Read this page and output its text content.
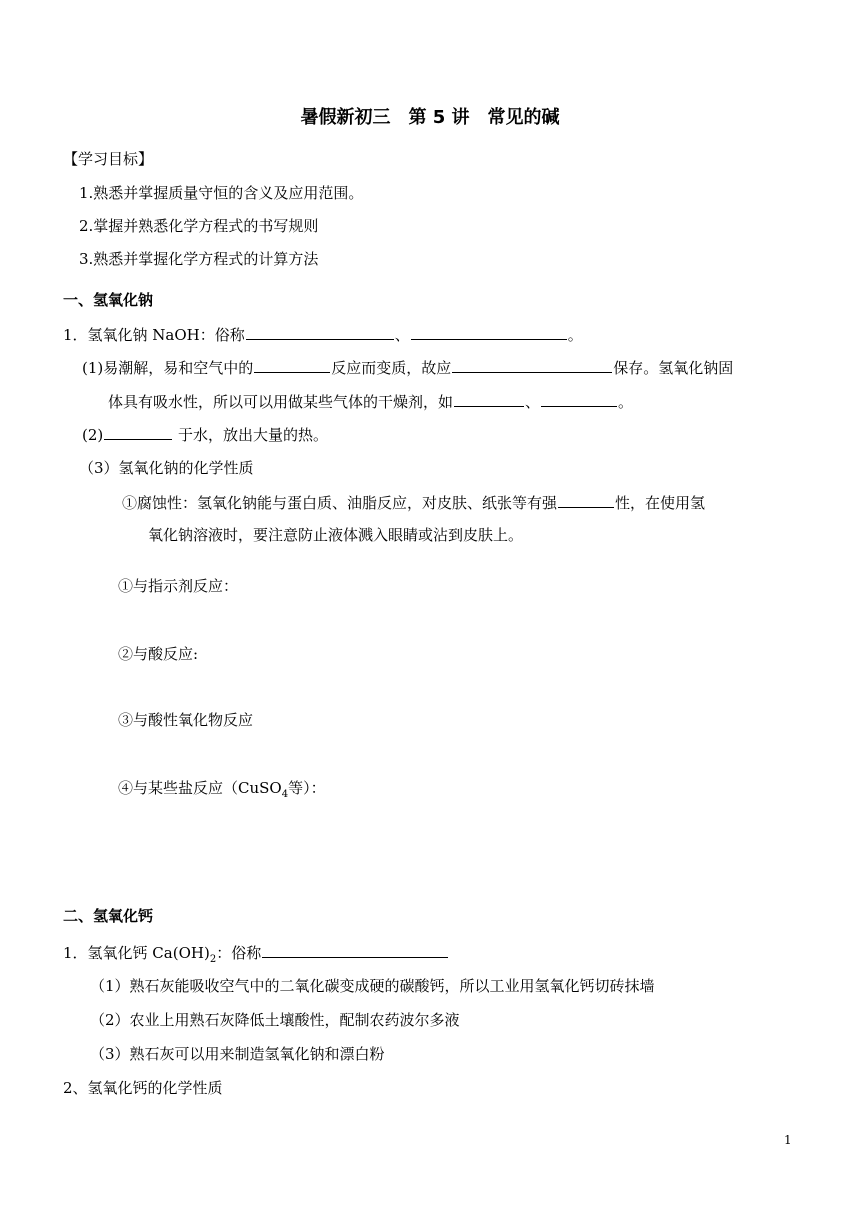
暑假新初三　第 5 讲　常见的碱
【学习目标】
1.熟悉并掌握质量守恒的含义及应用范围。
2.掌握并熟悉化学方程式的书写规则
3.熟悉并掌握化学方程式的计算方法
一、氢氧化钠
1．氢氧化钠 NaOH：俗称	、	。
(1)易潮解，易和空气中的	反应而变质，故应	保存。氢氧化钠固
体具有吸水性，所以可以用做某些气体的干燥剂，如	、	。
(2)	于水，放出大量的热。
（3）氢氧化钠的化学性质
①腐蚀性：氢氧化钠能与蛋白质、油脂反应，对皮肤、纸张等有强	性，在使用氢
氧化钠溶液时，要注意防止液体溅入眼睛或沾到皮肤上。
①与指示剂反应：
②与酸反应:
③与酸性氧化物反应
④与某些盐反应（CuSO$_4$等）：
二、氢氧化钙
1．氢氧化钙 $Ca(OH)_2$：俗称
（1）熟石灰能吸收空气中的二氧化碳变成硬的碳酸钙，所以工业用氢氧化钙切砖抹墙
（2）农业上用熟石灰降低土壤酸性，配制农药波尔多液
（3）熟石灰可以用来制造氢氧化钠和漂白粉
2、氢氧化钙的化学性质
1
